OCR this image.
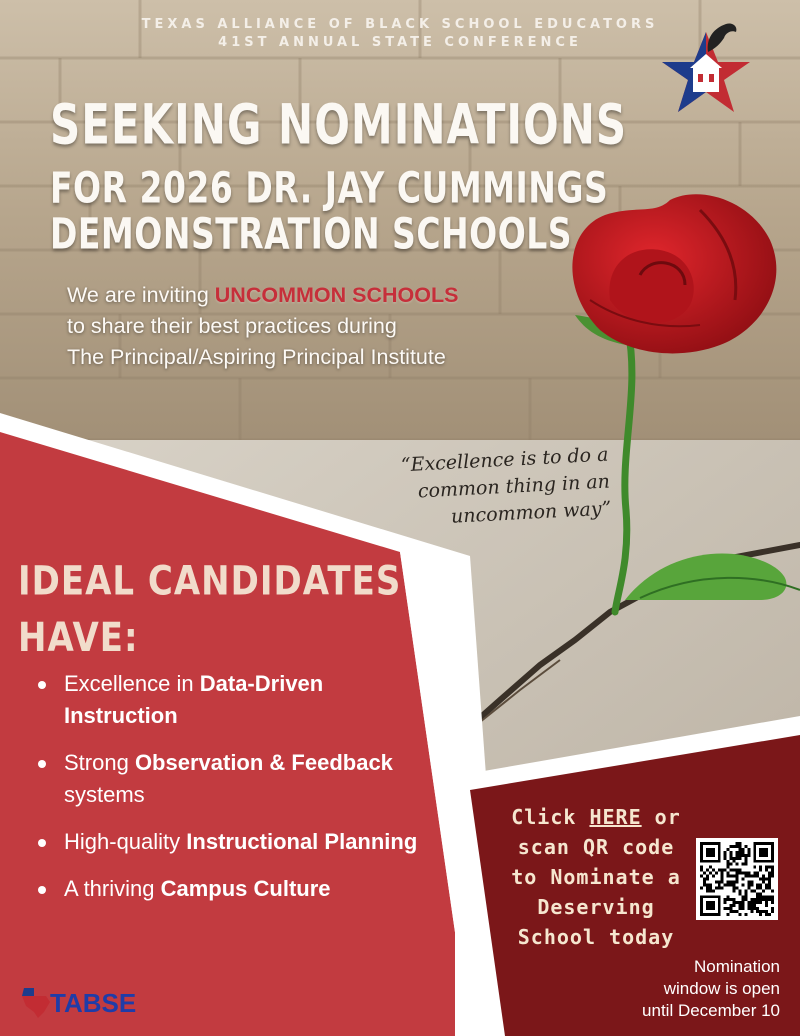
TEXAS ALLIANCE OF BLACK SCHOOL EDUCATORS
41ST ANNUAL STATE CONFERENCE
SEEKING NOMINATIONS
FOR 2026 DR. JAY CUMMINGS
DEMONSTRATION SCHOOLS
We are inviting UNCOMMON SCHOOLS
to share their best practices during
The Principal/Aspiring Principal Institute
“Excellence is to do a
common thing in an
uncommon way”
IDEAL CANDIDATES
HAVE:
Excellence in Data-Driven Instruction
Strong Observation & Feedback systems
High-quality Instructional Planning
A thriving Campus Culture
Click HERE or
scan QR code
to Nominate a
Deserving
School today
Nomination
window is open
until December 10
TABSE
